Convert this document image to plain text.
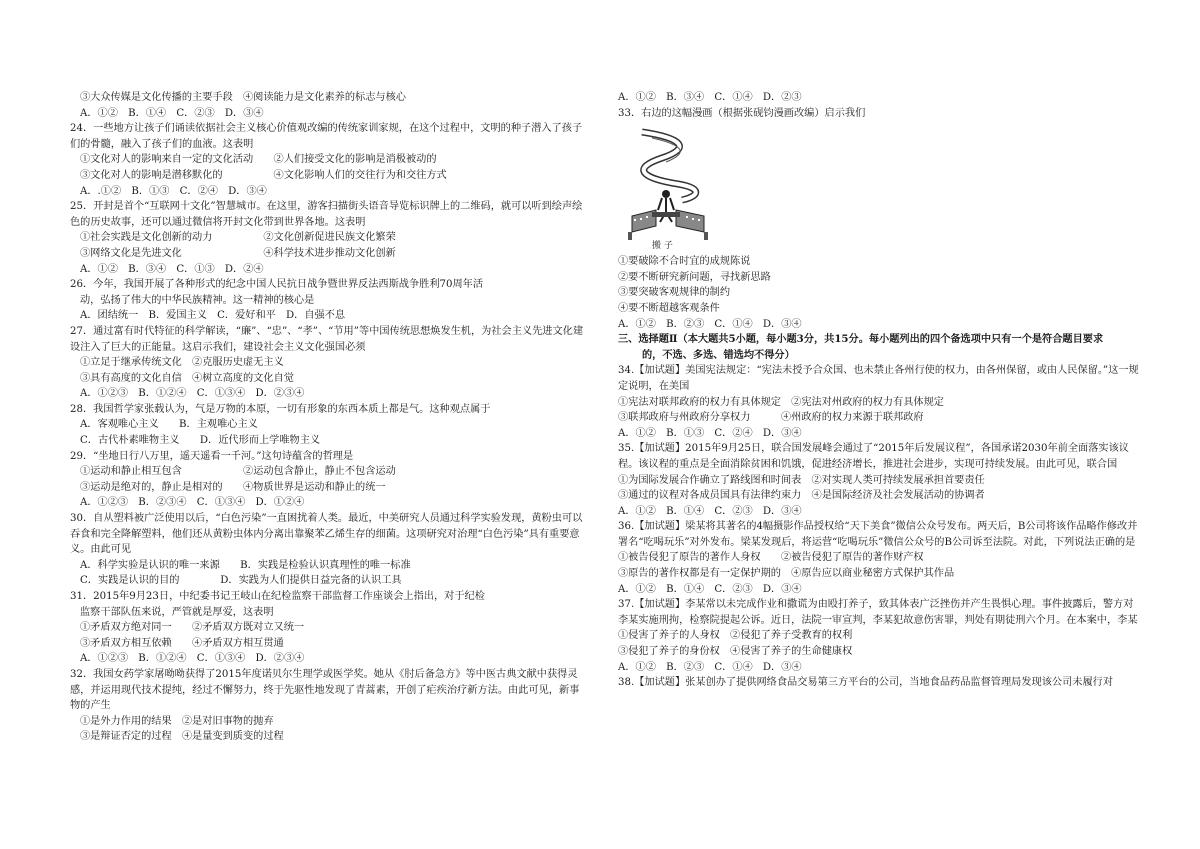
③大众传媒是文化传播的主要手段　④阅读能力是文化素养的标志与核心
A．①②　B．①④　C．②③　D．③④
24．一些地方让孩子们诵读依据社会主义核心价值观改编的传统家训家规，在这个过程中，文明的种子潜入了孩子们的骨髓，融入了孩子们的血液。这表明
①文化对人的影响来自一定的文化活动　　②人们接受文化的影响是消极被动的
③文化对人的影响是潜移默化的　　　　　④文化影响人们的交往行为和交往方式
A．.①②　B．①③　C．②④　D．③④
25．开封是首个“互联网十文化”智慧城市。在这里，游客扫描街头语音导览标识牌上的二维码，就可以听到绘声绘色的历史故事，还可以通过微信将开封文化带到世界各地。这表明
①社会实践是文化创新的动力　　　　　②文化创新促进民族文化繁荣
③网络文化是先进文化　　　　　　　　④科学技术进步推动文化创新
A．①②　B．③④　C．①③　D．②④
26．今年，我国开展了各种形式的纪念中国人民抗日战争暨世界反法西斯战争胜利70周年活
动，弘扬了伟大的中华民族精神。这一精神的核心是
A．团结统一　B．爱国主义　C．爱好和平　D．自强不息
27．通过富有时代特征的科学解读，“廉”、“忠”、“孝”、“节用”等中国传统思想焕发生机，为社会主义先进文化建设注入了巨大的正能量。这启示我们，建设社会主义文化强国必须
①立足于继承传统文化　②克服历史虚无主义
③具有高度的文化自信　④树立高度的文化自觉
A．①②③　B．①②④　C．①③④　D．②③④
28．我国哲学家张载认为，气是万物的本原，一切有形象的东西本质上都是气。这种观点属于
A．客观唯心主义　　B．主观唯心主义
C．古代朴素唯物主义　　D．近代形而上学唯物主义
29．“坐地日行八万里，遥天遥看一千河。”这句诗蕴含的哲理是
①运动和静止相互包含　　　　　　②运动包含静止，静止不包含运动
③运动是绝对的，静止是相对的　　④物质世界是运动和静止的统一
A．①②③　B．②③④　C．①③④　D．①②④
30．自从塑料被广泛使用以后，“白色污染”一直困扰着人类。最近，中美研究人员通过科学实验发现，黄粉虫可以吞食和完全降解塑料，他们还从黄粉虫体内分离出靠聚苯乙烯生存的细菌。这项研究对治理“白色污染”具有重要意义。由此可见
A．科学实验是认识的唯一来源　　B．实践是检验认识真理性的唯一标准
C．实践是认识的目的　　　　D．实践为人们提供日益完备的认识工具
31．2015年9月23日，中纪委书记王岐山在纪检监察干部监督工作座谈会上指出，对于纪检
监察干部队伍来说，严管就是厚爱，这表明
①矛盾双方绝对同一　　②矛盾双方既对立又统一
③矛盾双方相互依赖　　④矛盾双方相互贯通
A．①②③　B．①②④　C．①③④　D．②③④
32．我国女药学家屠呦呦获得了2015年度诺贝尔生理学或医学奖。她从《肘后备急方》等中医古典文献中获得灵感，并运用现代技术提纯，经过不懈努力，终于先驱性地发现了青蒿素，开创了疟疾治疗新方法。由此可见，新事物的产生
①是外力作用的结果　②是对旧事物的抛弃
③是辩证否定的过程　④是量变到质变的过程
A．①②　B．③④　C．①④　D．②③
33．右边的这幅漫画（根据张砚钧漫画改编）启示我们
搬 子
①要破除不合时宜的成规陈说
②要不断研究新问题，寻找新思路
③要突破客观规律的制约
④要不断超越客观条件
A．①②　B．②③　C．①④　D．③④
三、选择题Ⅱ（本大题共5小题，每小题3分，共15分。每小题列出的四个备选项中只有一个是符合题目要求
的，不选、多选、错选均不得分）
34.【加试题】美国宪法规定：“宪法未授予合众国、也未禁止各州行使的权力，由各州保留，或由人民保留。”这一规定说明，在美国
①宪法对联邦政府的权力有具体规定　②宪法对州政府的权力有具体规定
③联邦政府与州政府分享权力　　　④州政府的权力来源于联邦政府
A．①②　B．①③　C．②④　D．③④
35.【加试题】2015年9月25日，联合国发展峰会通过了“2015年后发展议程”，各国承诺2030年前全面落实该议程。该议程的重点是全面消除贫困和饥饿，促进经济增长，推进社会进步，实现可持续发展。由此可见，联合国
①为国际发展合作确立了路线图和时间表　②对实现人类可持续发展承担首要责任
③通过的议程对各成员国具有法律约束力　④是国际经济及社会发展活动的协调者
A．①②　B．①④　C．②③　D．③④
36.【加试题】梁某将其著名的4幅摄影作品授权给“天下美食”微信公众号发布。两天后，B公司将该作品略作修改并署名“吃喝玩乐”对外发布。梁某发现后，将运营“吃喝玩乐”微信公众号的B公司诉至法院。对此，下列说法正确的是
①被告侵犯了原告的著作人身权　　②被告侵犯了原告的著作财产权
③原告的著作权都是有一定保护期的　④原告应以商业秘密方式保护其作品
A．①②　B．①④　C．②③　D．③④
37.【加试题】李某常以未完成作业和撒谎为由殴打养子，致其体表广泛挫伤并产生畏惧心理。事件披露后，警方对李某实施刑拘，检察院提起公诉。近日，法院一审宣判，李某犯故意伤害罪，判处有期徒刑六个月。在本案中，李某
①侵害了养子的人身权　②侵犯了养子受教育的权利
③侵犯了养子的身份权　④侵害了养子的生命健康权
A．①②　B．②③　C．①④　D．③④
38.【加试题】张某创办了提供网络食品交易第三方平台的公司，当地食品药品监督管理局发现该公司未履行对
